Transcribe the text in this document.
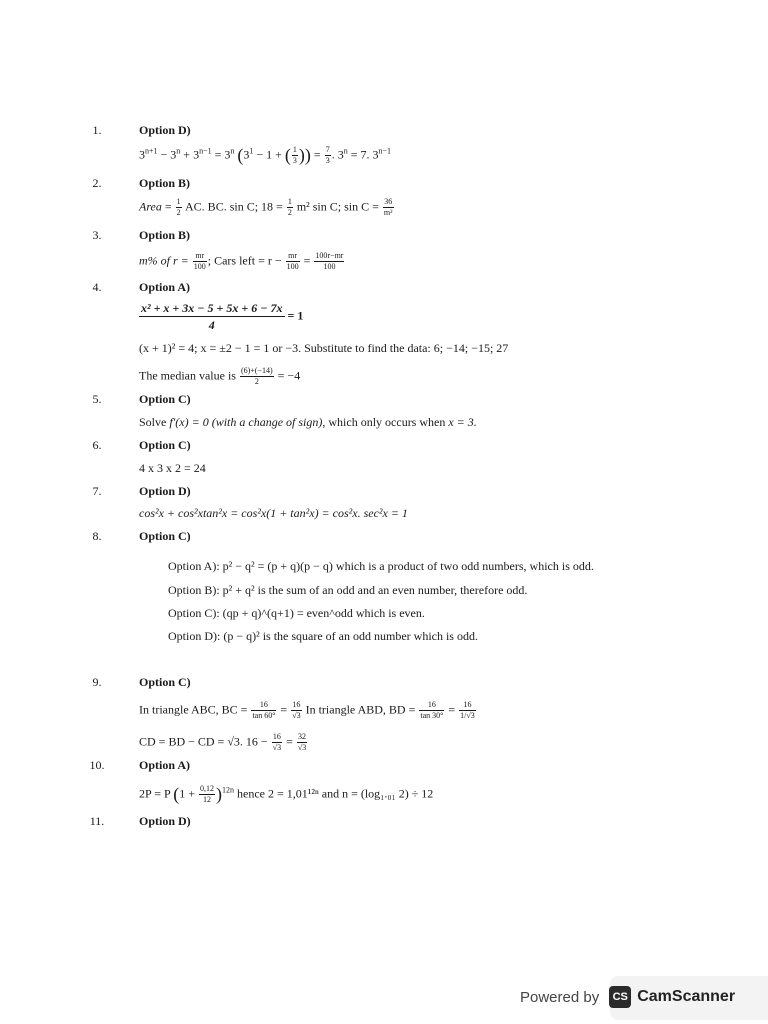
1.	Option D)
$3^{n+1} - 3^n + 3^{n-1} = 3^n$ ($3^1 - 1$ + ( $\frac{1}{3}$ )) = $\frac{7}{3}$ . $3^n = 7$. $3^{n-1}$
2.	Option B)
Area = $\frac{1}{2}$ AC. BC. sin C; $18 = \frac{1}{2} m^2$ sin C; $\sin C = \frac{36}{\text{m²}}$
3.	Option B)
m% of $r = \frac{mr}{100}$ ; Cars left = $r - \frac{mr}{100} = \frac{100r-mr}{100}$
4.	Option A)
$\frac{\text{x² + x + 3x − 5 + 5x + 6 − 7x}}{4} = 1$
(x + 1)² = 4; x = ±2 − 1 = 1 or −3. Substitute to find the data: 6; −14; −15; 27
The median value is $\frac{(6)+(-14)}{2} = -4$
5.	Option C)
Solve f′(x) = 0 (with a change of sign), which only occurs when x = 3.
6.	Option C)
4 x 3 x 2 = 24
7.	Option D)
cos²x + cos²xtan²x = cos²x(1 + tan²x) = cos²x. sec²x = 1
8.	Option C)
Option A): p² − q² = (p + q)(p − q) which is a product of two odd numbers, which is odd.
Option B): p² + q² is the sum of an odd and an even number, therefore odd.
Option C): (qp + q)^(q+1) = even^odd which is even.
Option D): (p − q)² is the square of an odd number which is odd.
9.	Option C)
In triangle ABC, BC = $\frac{16}{\tan 60^\circ} = \frac{16}{√3}$ In triangle ABD, BD = $\frac{16}{\tan 30^\circ} = \frac{16}{1/√3}$
CD = BD − CD = √3. $16 - \frac{16}{√3} = \frac{32}{√3}$
10.	Option A)
2P = P $(1 + \frac{0,12}{12} )^{12n}$ hence 2 = 1,01¹²ⁿ and n = (log₁.₀₁ 2) ÷ 12
11.	Option D)
Powered by	CS CamScanner
